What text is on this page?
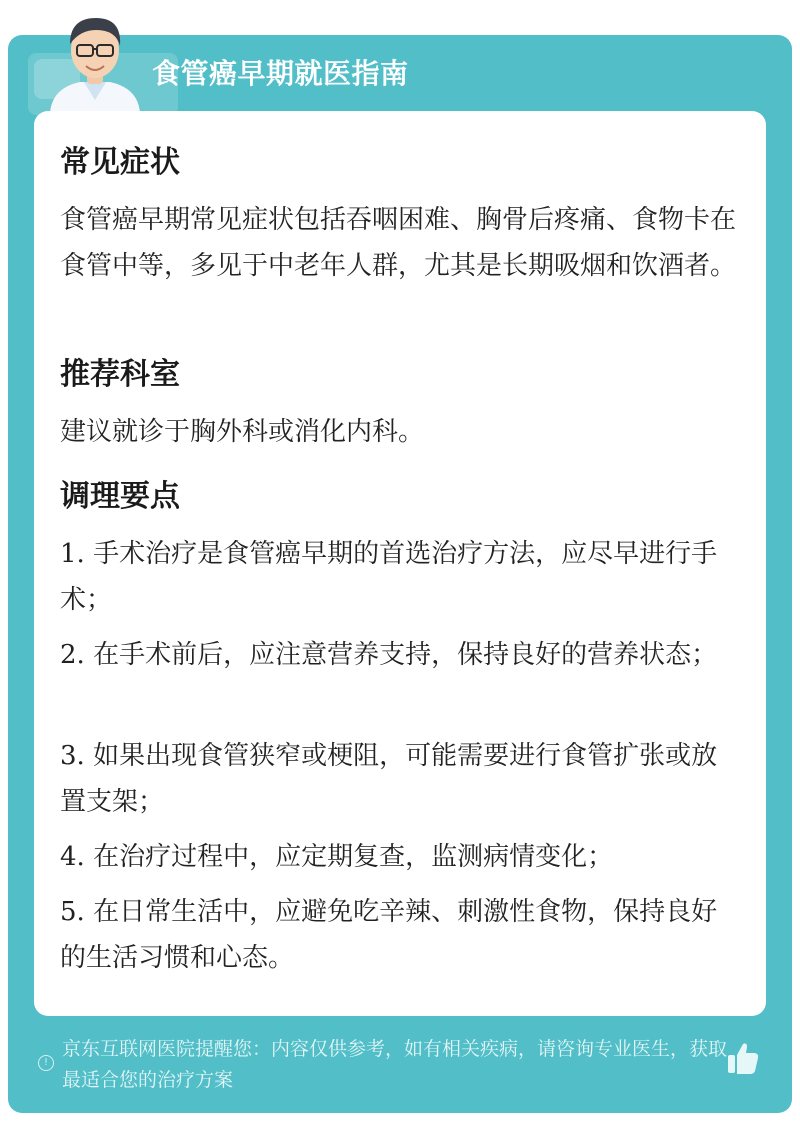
食管癌早期就医指南
常见症状
食管癌早期常见症状包括吞咽困难、胸骨后疼痛、食物卡在食管中等，多见于中老年人群，尤其是长期吸烟和饮酒者。
推荐科室
建议就诊于胸外科或消化内科。
调理要点
1. 手术治疗是食管癌早期的首选治疗方法，应尽早进行手术；
2. 在手术前后，应注意营养支持，保持良好的营养状态；
3. 如果出现食管狭窄或梗阻，可能需要进行食管扩张或放置支架；
4. 在治疗过程中，应定期复查，监测病情变化；
5. 在日常生活中，应避免吃辛辣、刺激性食物，保持良好的生活习惯和心态。
!
京东互联网医院提醒您：内容仅供参考，如有相关疾病，请咨询专业医生，获取最适合您的治疗方案
